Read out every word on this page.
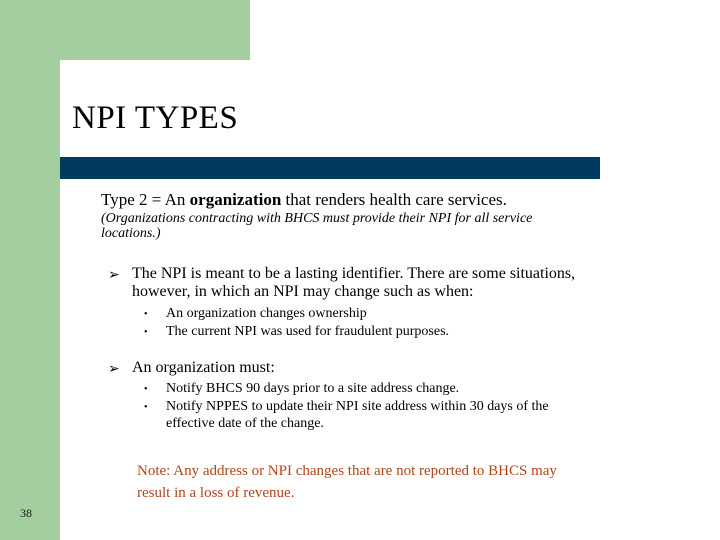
NPI TYPES
Type 2 = An organization that renders health care services.
(Organizations contracting with BHCS must provide their NPI for all service
locations.)
➢ The NPI is meant to be a lasting identifier. There are some situations,
however, in which an NPI may change such as when:
• An organization changes ownership
• The current NPI was used for fraudulent purposes.
➢ An organization must:
• Notify BHCS 90 days prior to a site address change.
• Notify NPPES to update their NPI site address within 30 days of the
effective date of the change.
Note: Any address or NPI changes that are not reported to BHCS may
result in a loss of revenue.
38
